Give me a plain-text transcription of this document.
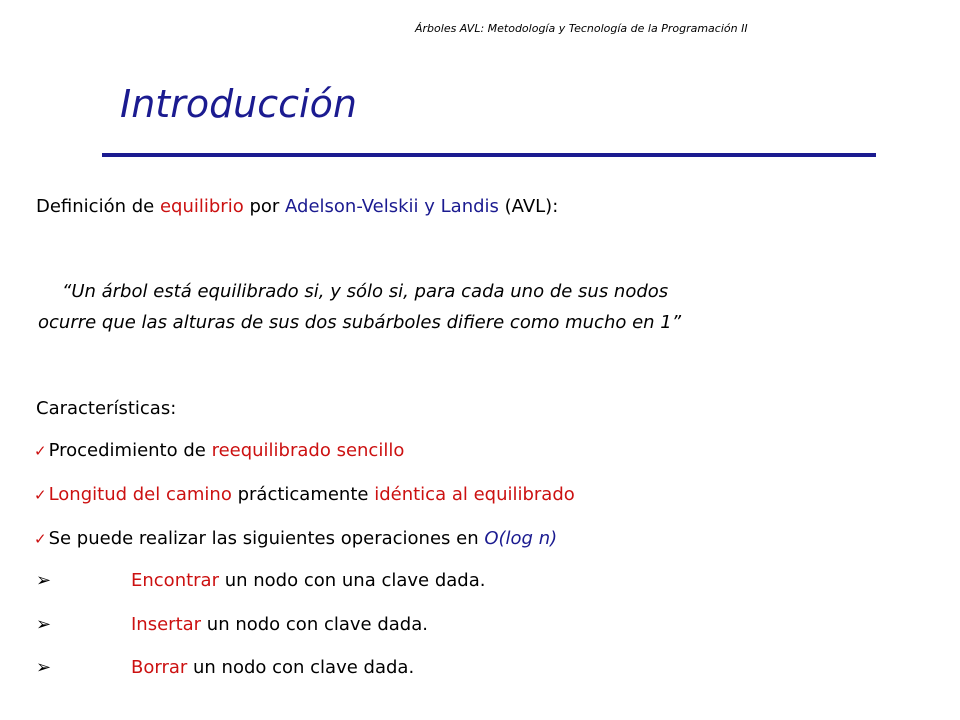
Árboles AVL: Metodología y Tecnología de la Programación II
Introducción
Definición de equilibrio por Adelson-Velskii y Landis (AVL):
“Un árbol está equilibrado si, y sólo si, para cada uno de sus nodos
ocurre que las alturas de sus dos subárboles difiere como mucho en 1”
Características:
✓ Procedimiento de reequilibrado sencillo
✓ Longitud del camino prácticamente idéntica al equilibrado
✓ Se puede realizar las siguientes operaciones en O(log n)
➢	Encontrar un nodo con una clave dada.
➢	Insertar un nodo con clave dada.
➢	Borrar un nodo con clave dada.
